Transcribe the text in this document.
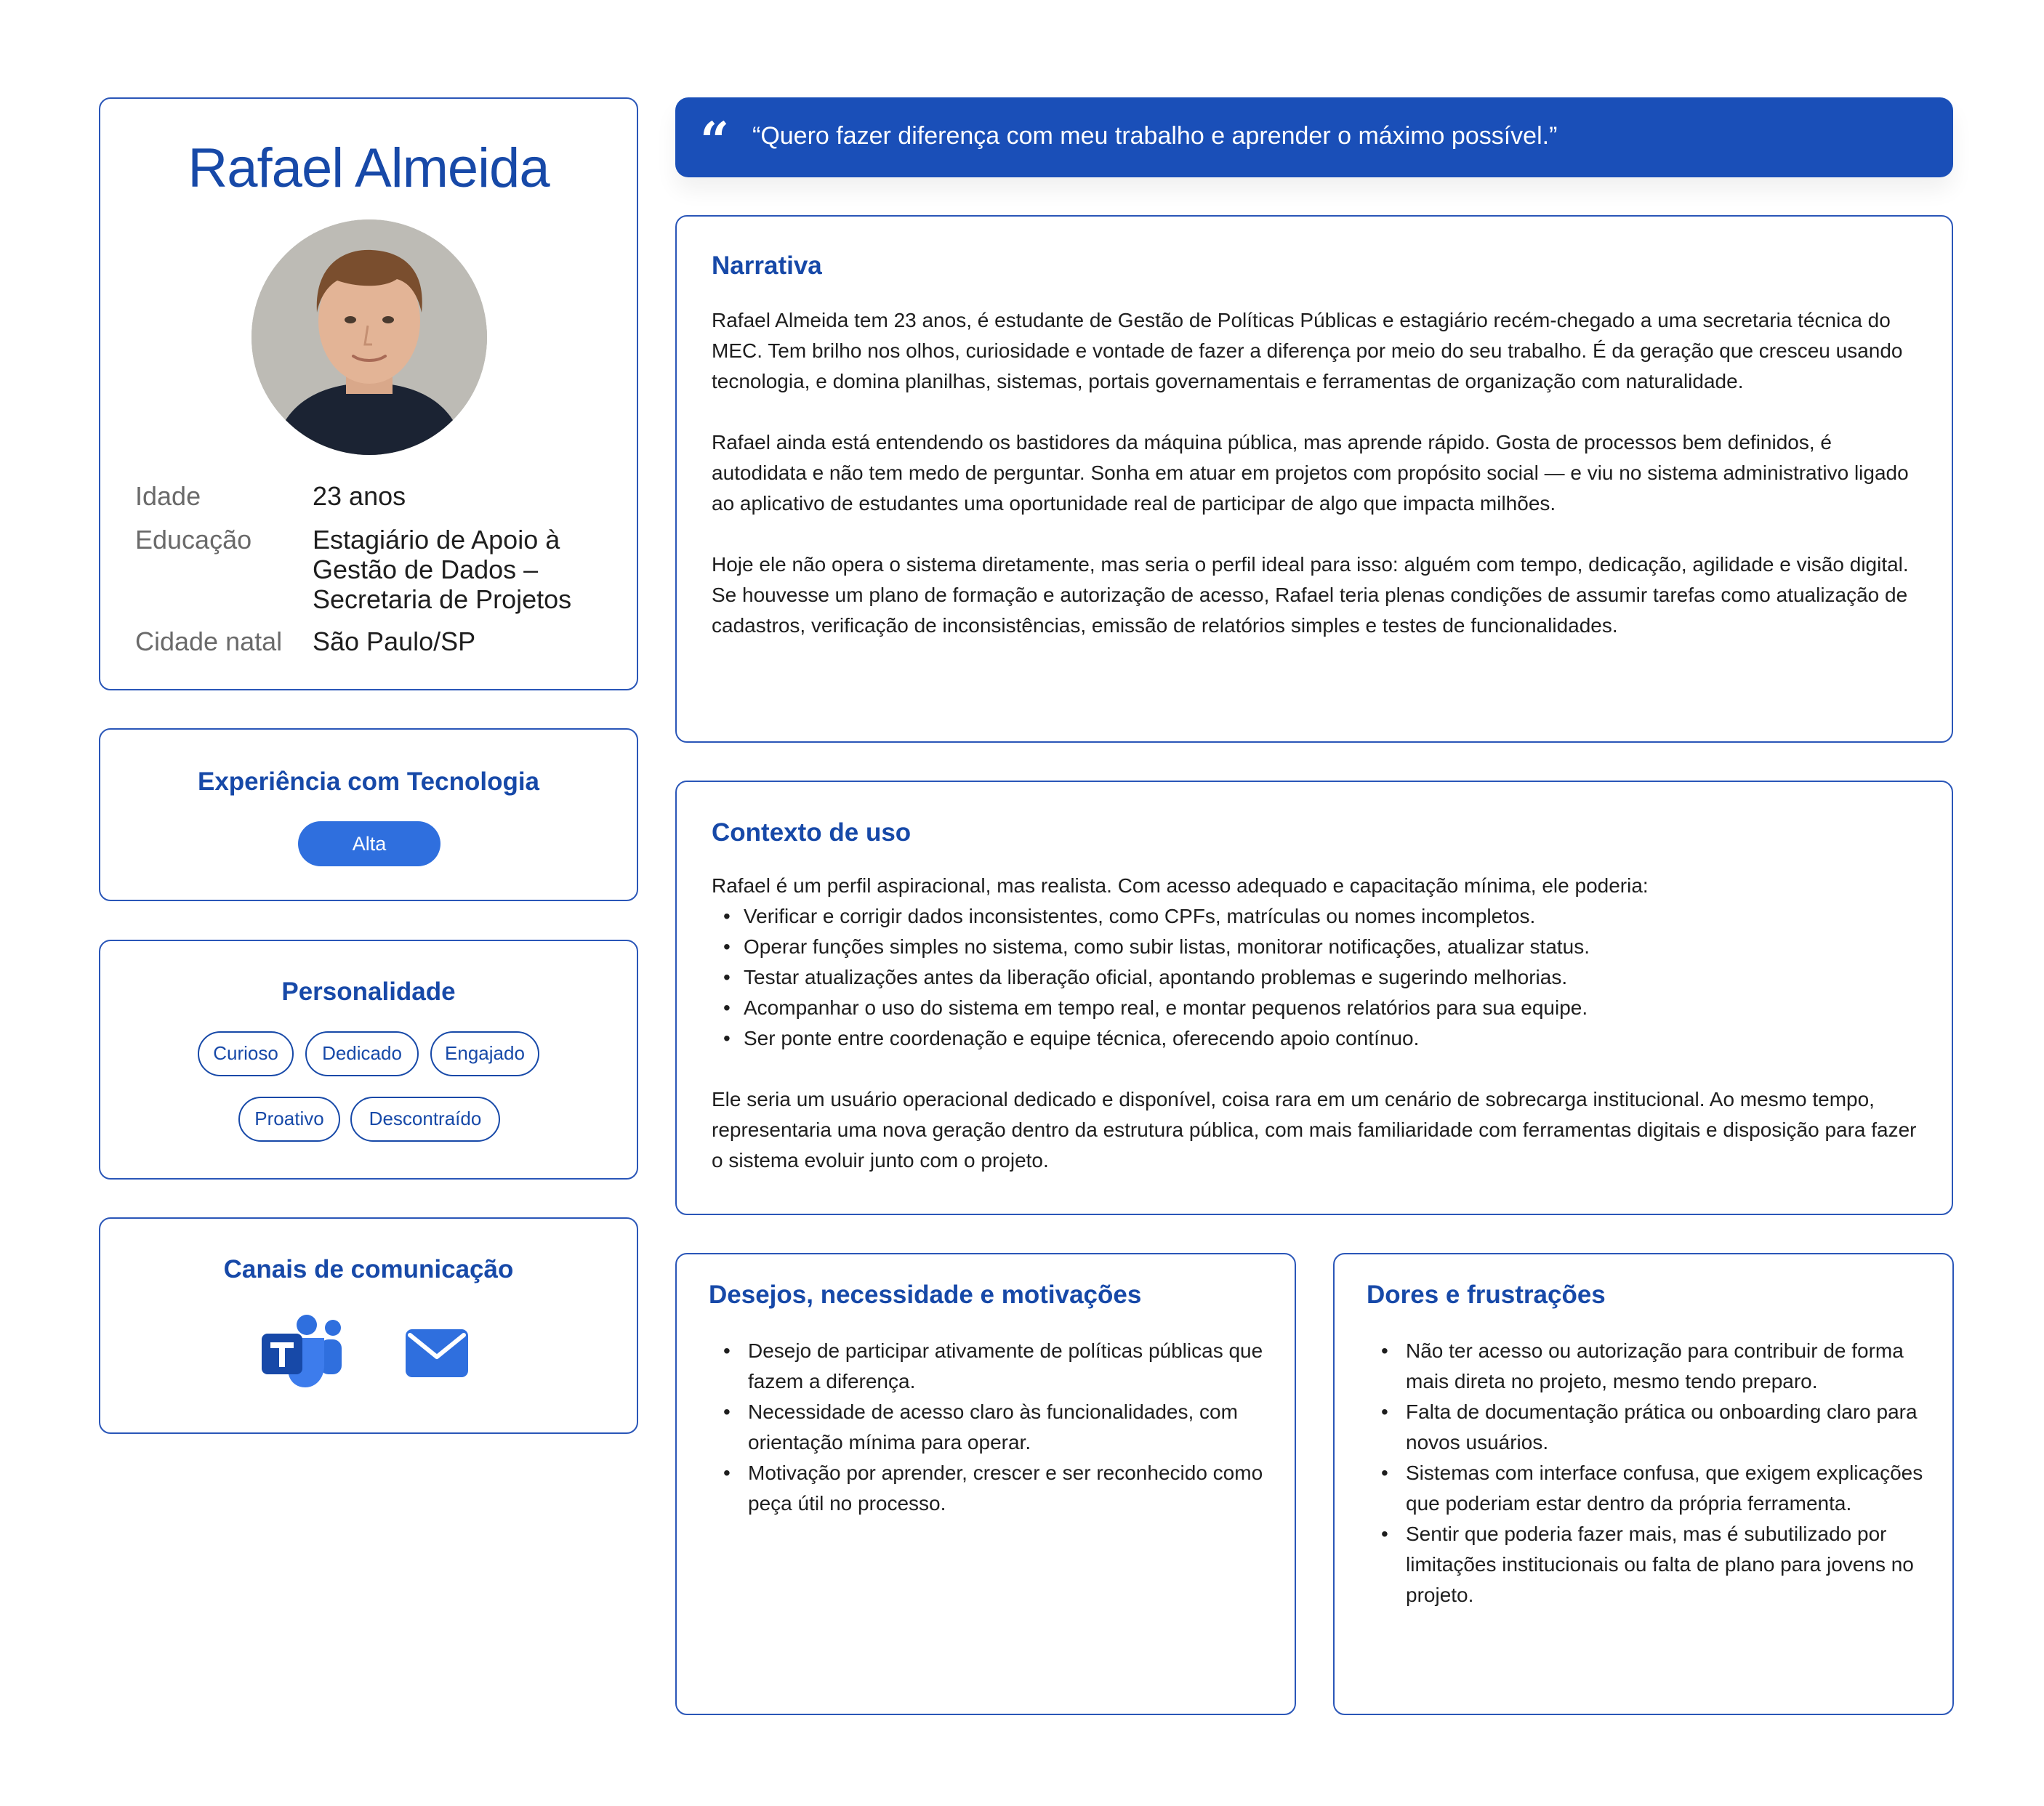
Rafael Almeida
Idade	23 anos
Educação	Estagiário de Apoio à Gestão de Dados – Secretaria de Projetos
Cidade natal	São Paulo/SP
Experiência com Tecnologia
Alta
Personalidade
Curioso	Dedicado	Engajado
Proativo	Descontraído
Canais de comunicação
“ “Quero fazer diferença com meu trabalho e aprender o máximo possível.”
Narrativa

Rafael Almeida tem 23 anos, é estudante de Gestão de Políticas Públicas e estagiário recém-chegado a uma secretaria técnica do MEC. Tem brilho nos olhos, curiosidade e vontade de fazer a diferença por meio do seu trabalho. É da geração que cresceu usando tecnologia, e domina planilhas, sistemas, portais governamentais e ferramentas de organização com naturalidade.

Rafael ainda está entendendo os bastidores da máquina pública, mas aprende rápido. Gosta de processos bem definidos, é autodidata e não tem medo de perguntar. Sonha em atuar em projetos com propósito social — e viu no sistema administrativo ligado ao aplicativo de estudantes uma oportunidade real de participar de algo que impacta milhões.

Hoje ele não opera o sistema diretamente, mas seria o perfil ideal para isso: alguém com tempo, dedicação, agilidade e visão digital. Se houvesse um plano de formação e autorização de acesso, Rafael teria plenas condições de assumir tarefas como atualização de cadastros, verificação de inconsistências, emissão de relatórios simples e testes de funcionalidades.

Contexto de uso
Rafael é um perfil aspiracional, mas realista. Com acesso adequado e capacitação mínima, ele poderia:
• Verificar e corrigir dados inconsistentes, como CPFs, matrículas ou nomes incompletos.
• Operar funções simples no sistema, como subir listas, monitorar notificações, atualizar status.
• Testar atualizações antes da liberação oficial, apontando problemas e sugerindo melhorias.
• Acompanhar o uso do sistema em tempo real, e montar pequenos relatórios para sua equipe.
• Ser ponte entre coordenação e equipe técnica, oferecendo apoio contínuo.
Ele seria um usuário operacional dedicado e disponível, coisa rara em um cenário de sobrecarga institucional. Ao mesmo tempo, representaria uma nova geração dentro da estrutura pública, com mais familiaridade com ferramentas digitais e disposição para fazer o sistema evoluir junto com o projeto.
Desejos, necessidade e motivações
• Desejo de participar ativamente de políticas públicas que fazem a diferença.
• Necessidade de acesso claro às funcionalidades, com orientação mínima para operar.
• Motivação por aprender, crescer e ser reconhecido como peça útil no processo.
Dores e frustrações
• Não ter acesso ou autorização para contribuir de forma mais direta no projeto, mesmo tendo preparo.
• Falta de documentação prática ou onboarding claro para novos usuários.
• Sistemas com interface confusa, que exigem explicações que poderiam estar dentro da própria ferramenta.
• Sentir que poderia fazer mais, mas é subutilizado por limitações institucionais ou falta de plano para jovens no projeto.
